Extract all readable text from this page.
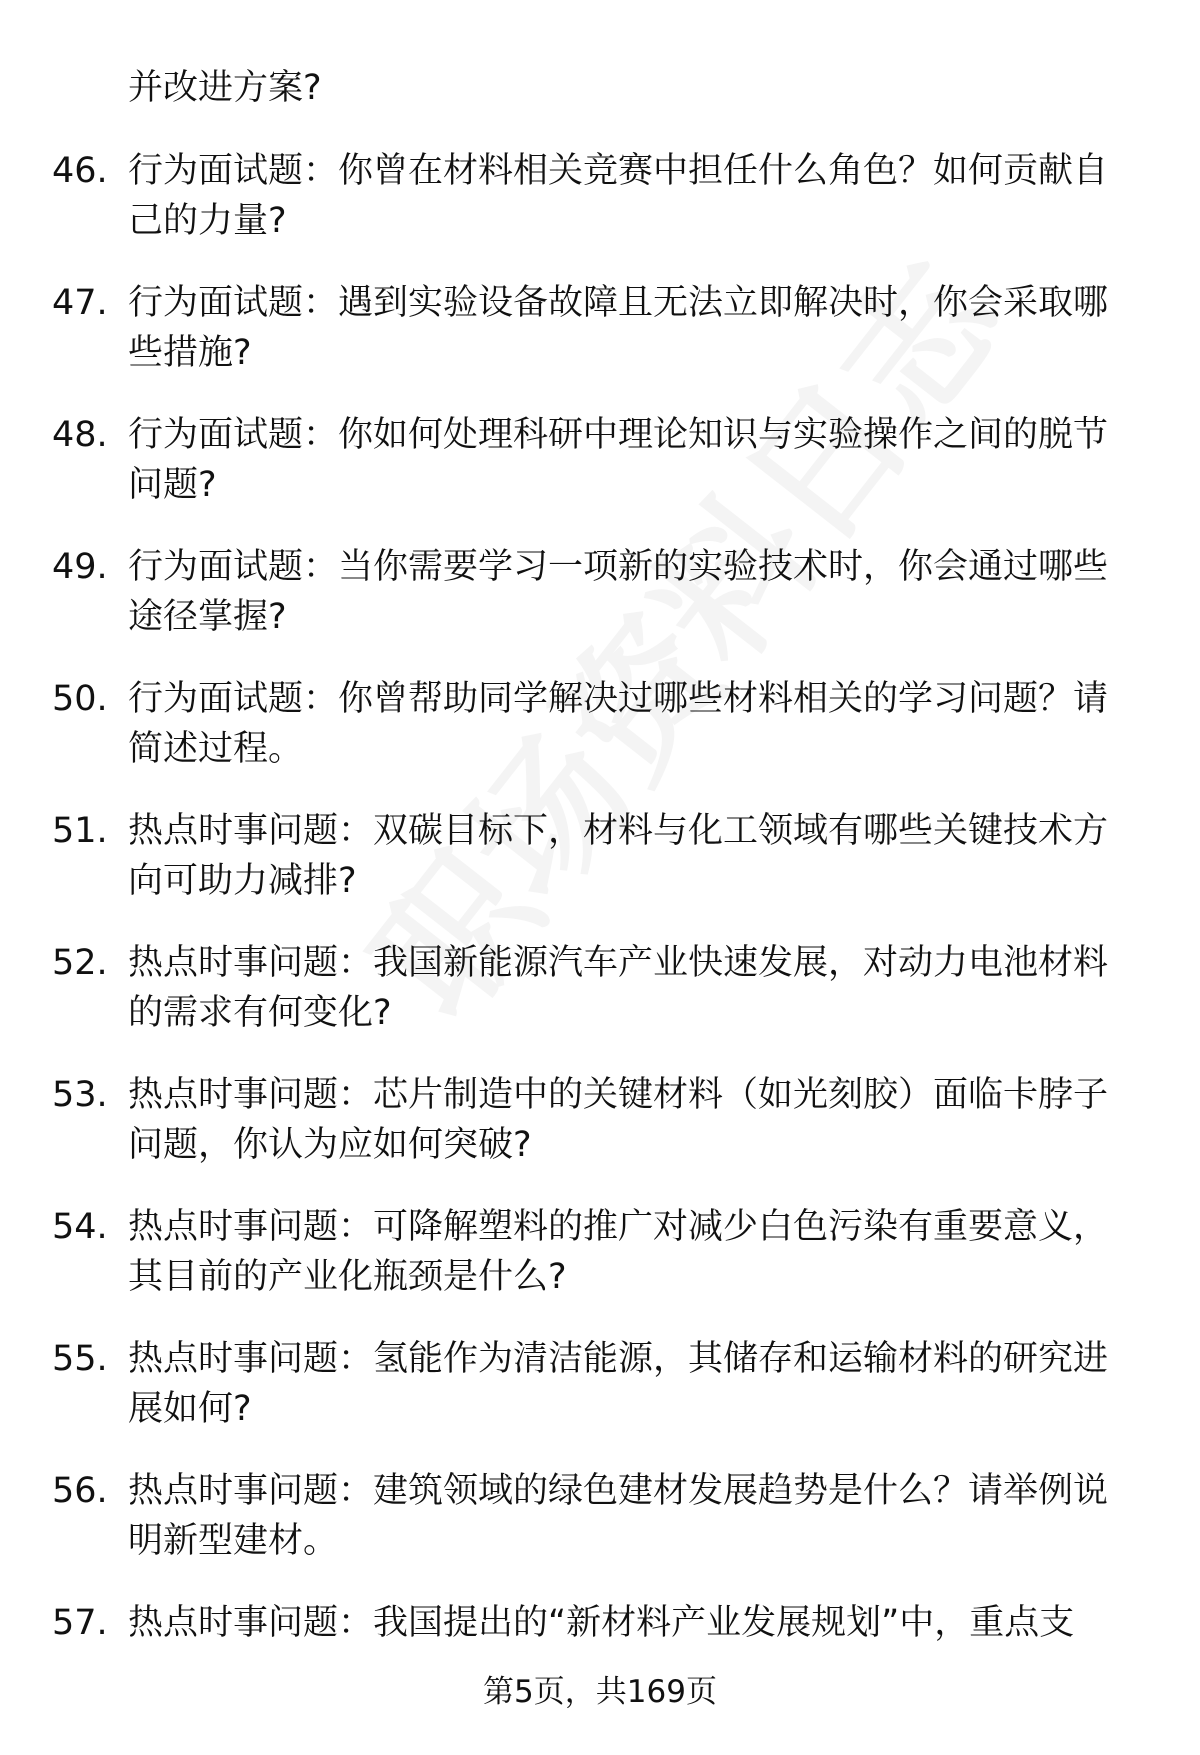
并改进方案?
46. 行为面试题：你曾在材料相关竞赛中担任什么角色？如何贡献自己的力量?
47. 行为面试题：遇到实验设备故障且无法立即解决时，你会采取哪些措施?
48. 行为面试题：你如何处理科研中理论知识与实验操作之间的脱节问题?
49. 行为面试题：当你需要学习一项新的实验技术时，你会通过哪些途径掌握?
50. 行为面试题：你曾帮助同学解决过哪些材料相关的学习问题？请简述过程。
51. 热点时事问题：双碳目标下，材料与化工领域有哪些关键技术方向可助力减排?
52. 热点时事问题：我国新能源汽车产业快速发展，对动力电池材料的需求有何变化?
53. 热点时事问题：芯片制造中的关键材料（如光刻胶）面临卡脖子问题，你认为应如何突破?
54. 热点时事问题：可降解塑料的推广对减少白色污染有重要意义，其目前的产业化瓶颈是什么?
55. 热点时事问题：氢能作为清洁能源，其储存和运输材料的研究进展如何?
56. 热点时事问题：建筑领域的绿色建材发展趋势是什么？请举例说明新型建材。
57. 热点时事问题：我国提出的“新材料产业发展规划”中，重点支
第5页，共169页
